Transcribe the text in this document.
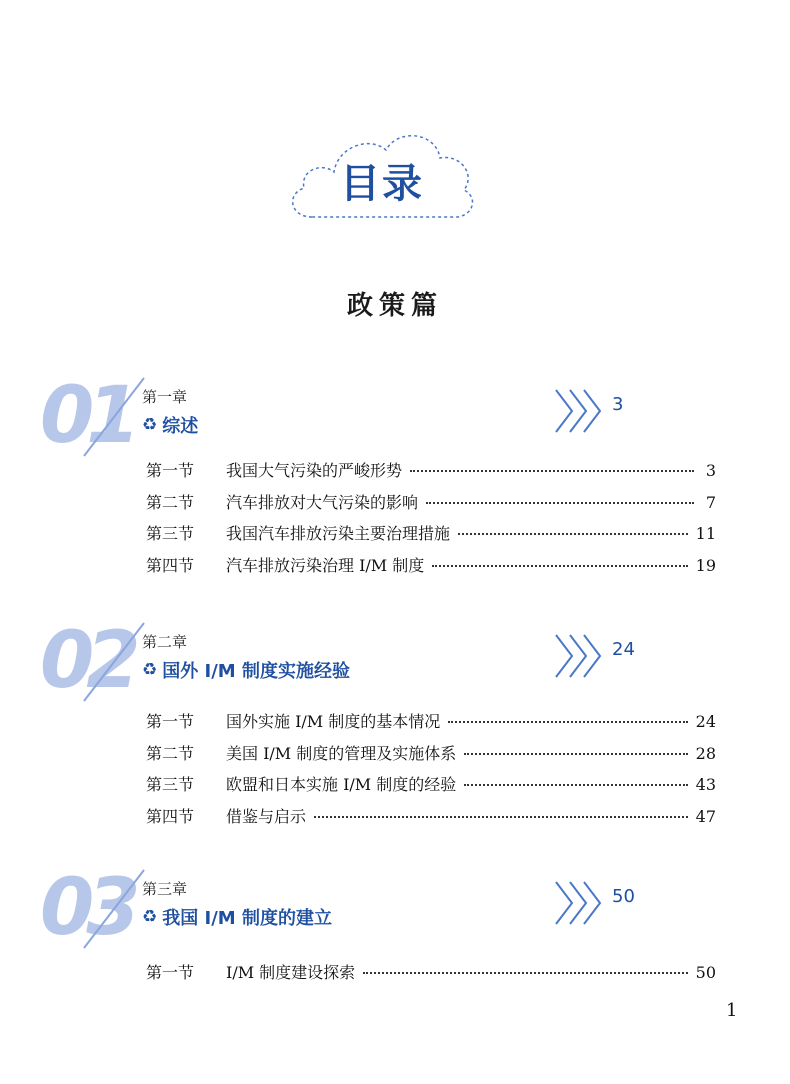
目录
政策篇
01 第一章
♻ 综述
3
第一节	我国大气污染的严峻形势	3
第二节	汽车排放对大气污染的影响	7
第三节	我国汽车排放污染主要治理措施	11
第四节	汽车排放污染治理 I/M 制度	19
02 第二章
♻ 国外 I/M 制度实施经验
24
第一节	国外实施 I/M 制度的基本情况	24
第二节	美国 I/M 制度的管理及实施体系	28
第三节	欧盟和日本实施 I/M 制度的经验	43
第四节	借鉴与启示	47
03 第三章
♻ 我国 I/M 制度的建立
50
第一节	I/M 制度建设探索	50
1
